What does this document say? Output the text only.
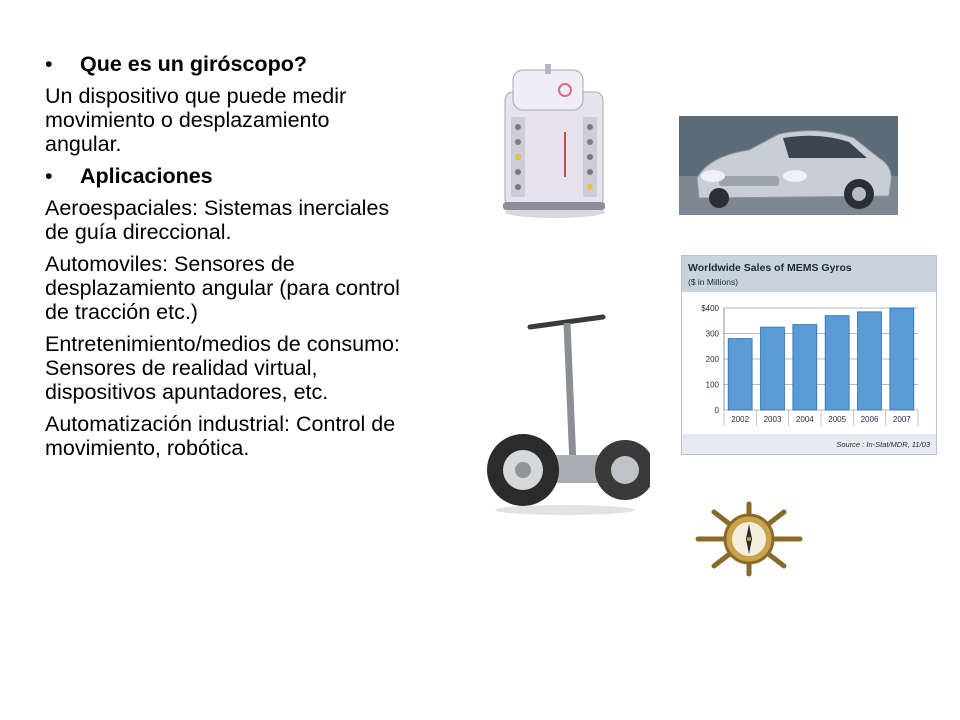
• Que es un giróscopo?
Un dispositivo que puede medir movimiento o desplazamiento angular.
• Aplicaciones
Aeroespaciales: Sistemas inerciales de guía direccional.
Automoviles: Sensores de desplazamiento angular (para control de tracción etc.)
Entretenimiento/medios de consumo: Sensores de realidad virtual, dispositivos apuntadores, etc.
Automatización industrial: Control de movimiento, robótica.
Worldwide Sales of MEMS Gyros
($ in Millions)
Source : In-Stat/MDR, 11/03
$400
300
200
100
0
2002 2003 2004 2005 2006 2007
